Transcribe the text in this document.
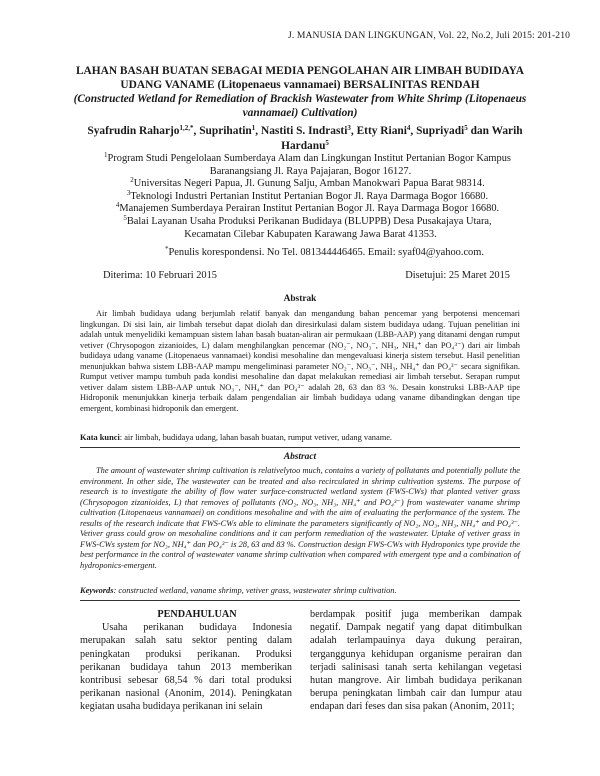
J. MANUSIA DAN LINGKUNGAN, Vol. 22, No.2, Juli 2015: 201-210

LAHAN BASAH BUATAN SEBAGAI MEDIA PENGOLAHAN AIR LIMBAH BUDIDAYA UDANG VANAME (Litopenaeus vannamaei) BERSALINITAS RENDAH

(Constructed Wetland for Remediation of Brackish Wastewater from White Shrimp (Litopenaeus vannamaei) Cultivation)

Syafrudin Raharjo$^{1,2,*}$, Suprihatin$^1$, Nastiti S. Indrasti$^3$, Etty Riani$^4$, Supriyadi$^5$ dan Warih Hardanu$^5$

$^1$Program Studi Pengelolaan Sumberdaya Alam dan Lingkungan Institut Pertanian Bogor Kampus Baranangsiang Jl. Raya Pajajaran, Bogor 16127.

$^2$Universitas Negeri Papua, Jl. Gunung Salju, Amban Manokwari Papua Barat 98314.

$^3$Teknologi Industri Pertanian Institut Pertanian Bogor Jl. Raya Darmaga Bogor 16680.

$^4$Manajemen Sumberdaya Perairan Institut Pertanian Bogor Jl. Raya Darmaga Bogor 16680.

$^5$Balai Layanan Usaha Produksi Perikanan Budidaya (BLUPPB) Desa Pusakajaya Utara, Kecamatan Cilebar Kabupaten Karawang Jawa Barat 41353.

*Penulis korespondensi. No Tel. 081344446465. Email: syaf04@yahoo.com.
Diterima: 10 Februari 2015	Disetujui: 25 Maret 2015
Abstrak

Air limbah budidaya udang berjumlah relatif banyak dan mengandung bahan pencemar yang berpotensi mencemari lingkungan. Di sisi lain, air limbah tersebut dapat diolah dan diresirkulasi dalam sistem budidaya udang. Tujuan penelitian ini adalah untuk menyelidiki kemampuan sistem lahan basah buatan-aliran air permukaan (LBB-AAP) yang ditanami dengan rumput vetiver (Chrysopogon zizanioides, L) dalam menghilangkan pencemar (NO₂⁻, NO₃⁻, NH₃, NH₄⁺ dan PO₄³⁻) dari air limbah budidaya udang vaname (Litopenaeus vannamaei) kondisi mesohaline dan mengevaluasi kinerja sistem tersebut. Hasil penelitian menunjukkan bahwa sistem LBB-AAP mampu mengeliminasi parameter NO₂⁻, NO₃⁻, NH₃, NH₄⁺ dan PO₄³⁻ secara signifikan. Rumput vetiver mampu tumbuh pada kondisi mesohaline dan dapat melakukan remediasi air limbah tersebut. Serapan rumput vetiver dalam sistem LBB-AAP untuk NO₃⁻, NH₄⁺ dan PO₄³⁻ adalah 28, 63 dan 83 %. Desain konstruksi LBB-AAP tipe Hidroponik menunjukkan kinerja terbaik dalam pengendalian air limbah budidaya udang vaname dibandingkan dengan tipe emergent, kombinasi hidroponik dan emergent.

Kata kunci: air limbah, budidaya udang, lahan basah buatan, rumput vetiver, udang vaname.
Abstract

The amount of wastewater shrimp cultivation is relativelytoo much, contains a variety of pollutants and potentially pollute the environment. In other side, The wastewater can be treated and also recirculated in shrimp cultivation systems. The purpose of research is to investigate the ability of flow water surface-constructed wetland system (FWS-CWs) that planted vetiver grass (Chrysopogon zizanioides, L) that removes of pollutants (NO₂, NO₃, NH₃, NH₄⁺ and PO₄³⁻) from wastewater vaname shrimp cultivation (Litopenaeus vannamaei) on conditions mesohaline and with the aim of evaluating the performance of the system. The results of the research indicate that FWS-CWs able to eliminate the parameters significantly of NO₂, NO₃, NH₃, NH₄⁺ and PO₄³⁻. Vetiver grass could grow on mesohaline conditions and it can perform remediation of the wastewater. Uptake of vetiver grass in FWS-CWs system for NO₃, NH₄⁺ dan PO₄³⁻ is 28, 63 and 83 %. Construction design FWS-CWs with Hydroponics type provide the best performance in the control of wastewater vaname shrimp cultivation when compared with emergent type and a combination of hydroponics-emergent.

Keywords: constructed wetland, vaname shrimp, vetiver grass, wastewater shrimp cultivation.

PENDAHULUAN

Usaha perikanan budidaya Indonesia merupakan salah satu sektor penting dalam peningkatan produksi perikanan. Produksi perikanan budidaya tahun 2013 memberikan kontribusi sebesar 68,54 % dari total produksi perikanan nasional (Anonim, 2014). Peningkatan kegiatan usaha budidaya perikanan ini selain

berdampak positif juga memberikan dampak negatif. Dampak negatif yang dapat ditimbulkan adalah terlampauinya daya dukung perairan, terganggunya kehidupan organisme perairan dan terjadi salinisasi tanah serta kehilangan vegetasi hutan mangrove. Air limbah budidaya perikanan berupa peningkatan limbah cair dan lumpur atau endapan dari feses dan sisa pakan (Anonim, 2011;
